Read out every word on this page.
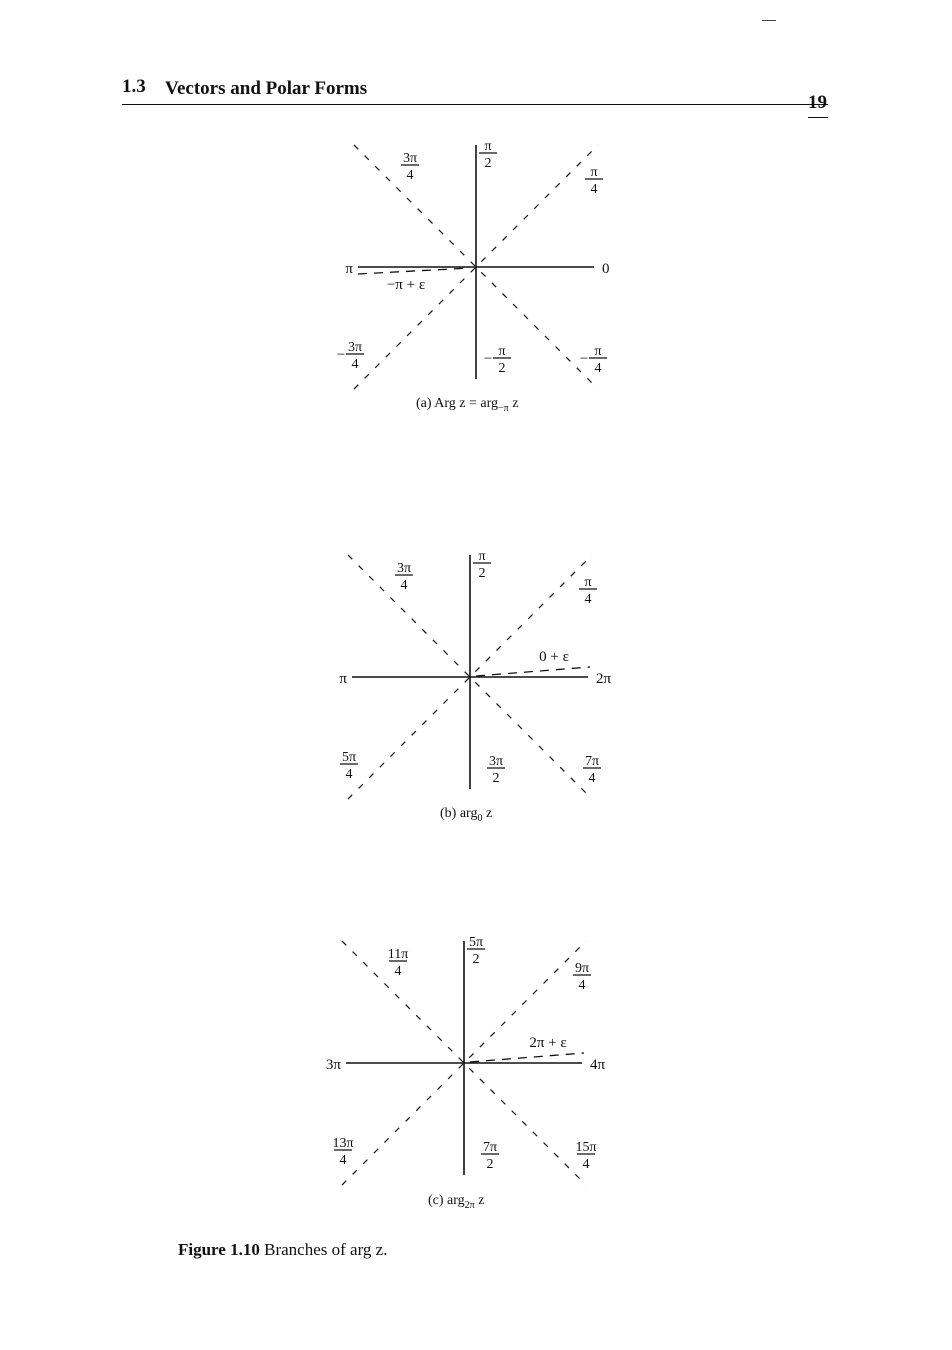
1.3 Vectors and Polar Forms
19
−π + ε
0
π
π
2
3π
4	π
4
− 3π
4	− π
2
− π
4
(a) Arg z = arg$_{-\pi}$ z
0 + ε
2π
π
π
2
3π
4	π
4
5π
4
3π
2
7π
4
(b) arg$_0$ z
2π + ε
4π
3π
5π
2
11π
4	9π
4
13π
4
7π
2
15π
4
(c) arg$_{2\pi}$ z
Figure 1.10 Branches of arg z.
